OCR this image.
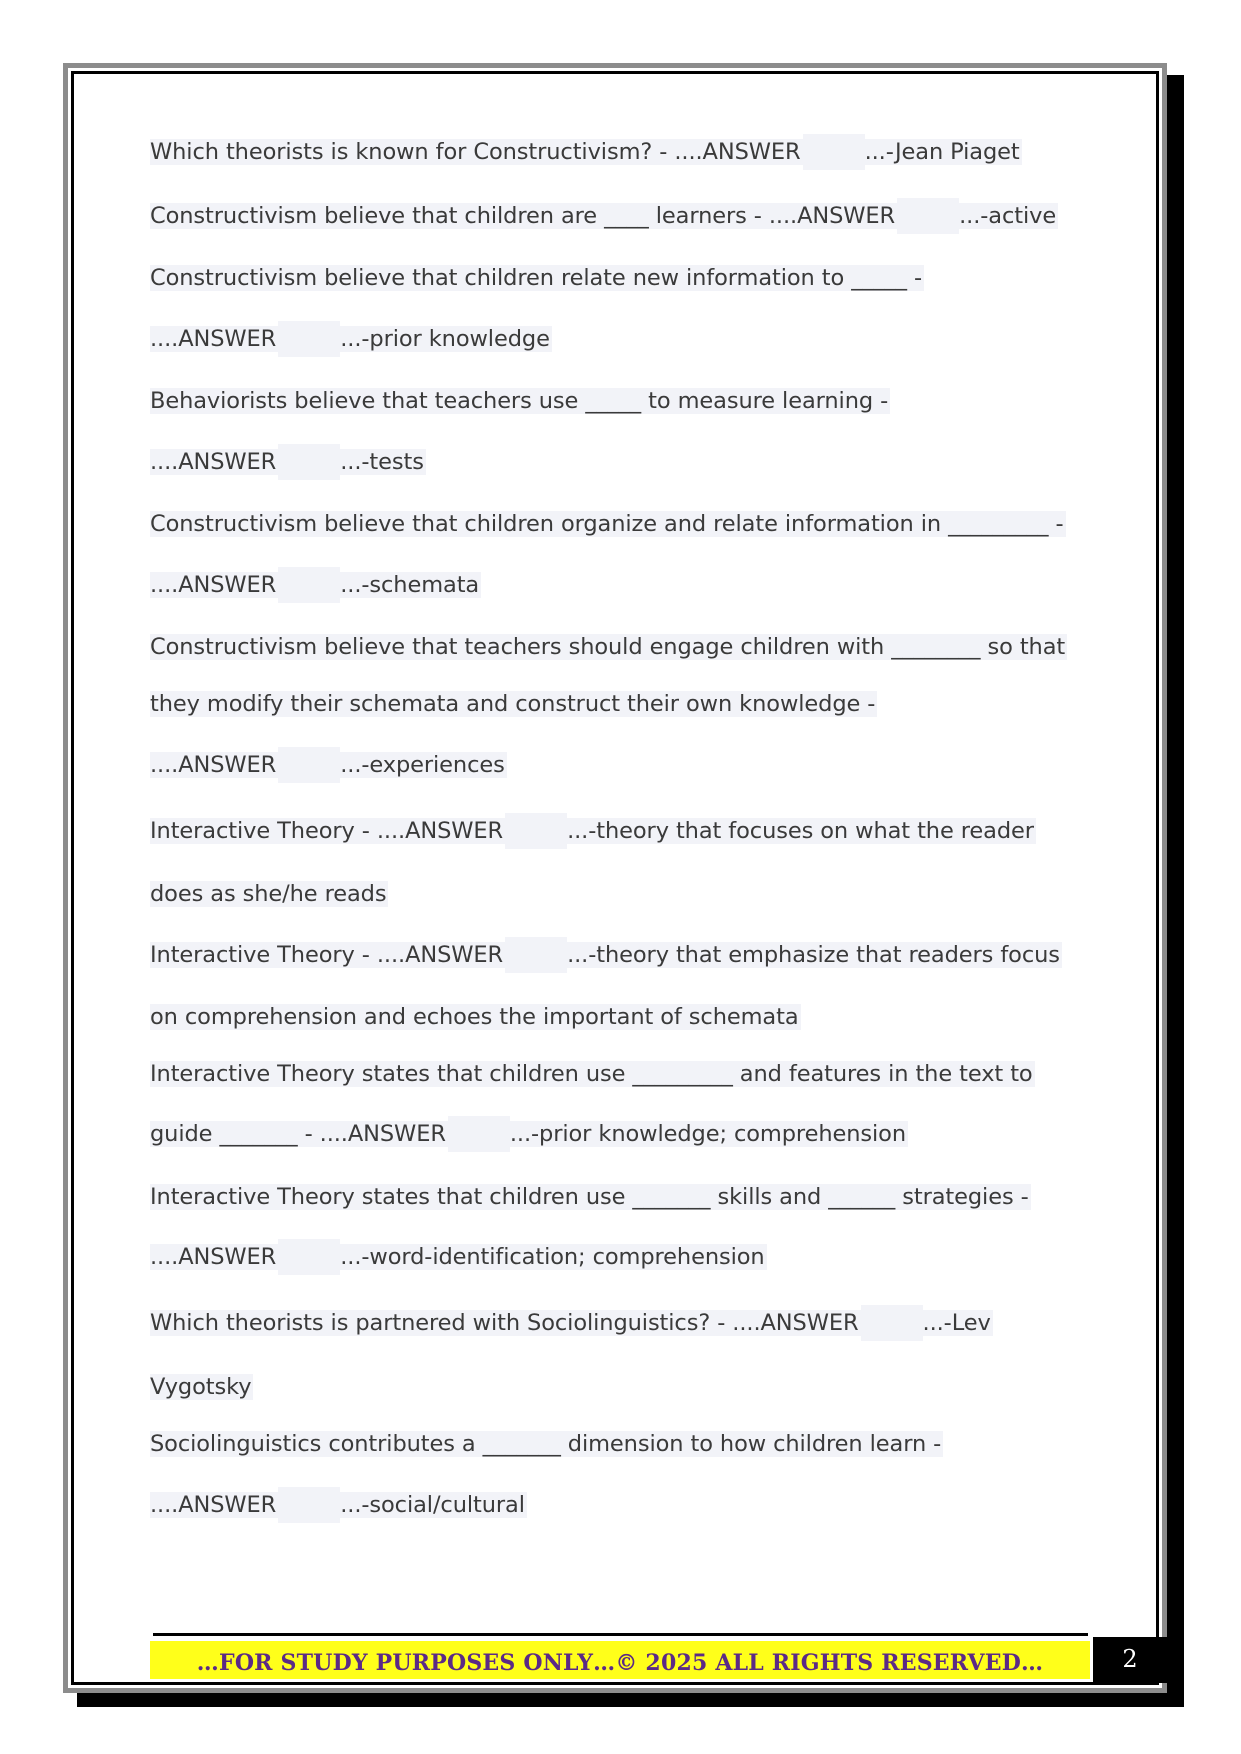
Which theorists is known for Constructivism? - ....ANSWER	...-Jean Piaget
Constructivism believe that children are ____ learners - ....ANSWER	...-active
Constructivism believe that children relate new information to _____ -
....ANSWER	...-prior knowledge
Behaviorists believe that teachers use _____ to measure learning -
....ANSWER	...-tests
Constructivism believe that children organize and relate information in _________ -
....ANSWER	...-schemata
Constructivism believe that teachers should engage children with ________ so that
they modify their schemata and construct their own knowledge -
....ANSWER	...-experiences
Interactive Theory - ....ANSWER	...-theory that focuses on what the reader
does as she/he reads
Interactive Theory - ....ANSWER	...-theory that emphasize that readers focus
on comprehension and echoes the important of schemata
Interactive Theory states that children use _________ and features in the text to
guide _______ - ....ANSWER	...-prior knowledge; comprehension
Interactive Theory states that children use _______ skills and ______ strategies -
....ANSWER	...-word-identification; comprehension
Which theorists is partnered with Sociolinguistics? - ....ANSWER	...-Lev
Vygotsky
Sociolinguistics contributes a _______ dimension to how children learn -
....ANSWER	...-social/cultural
…FOR STUDY PURPOSES ONLY…© 2025 ALL RIGHTS RESERVED…	2
